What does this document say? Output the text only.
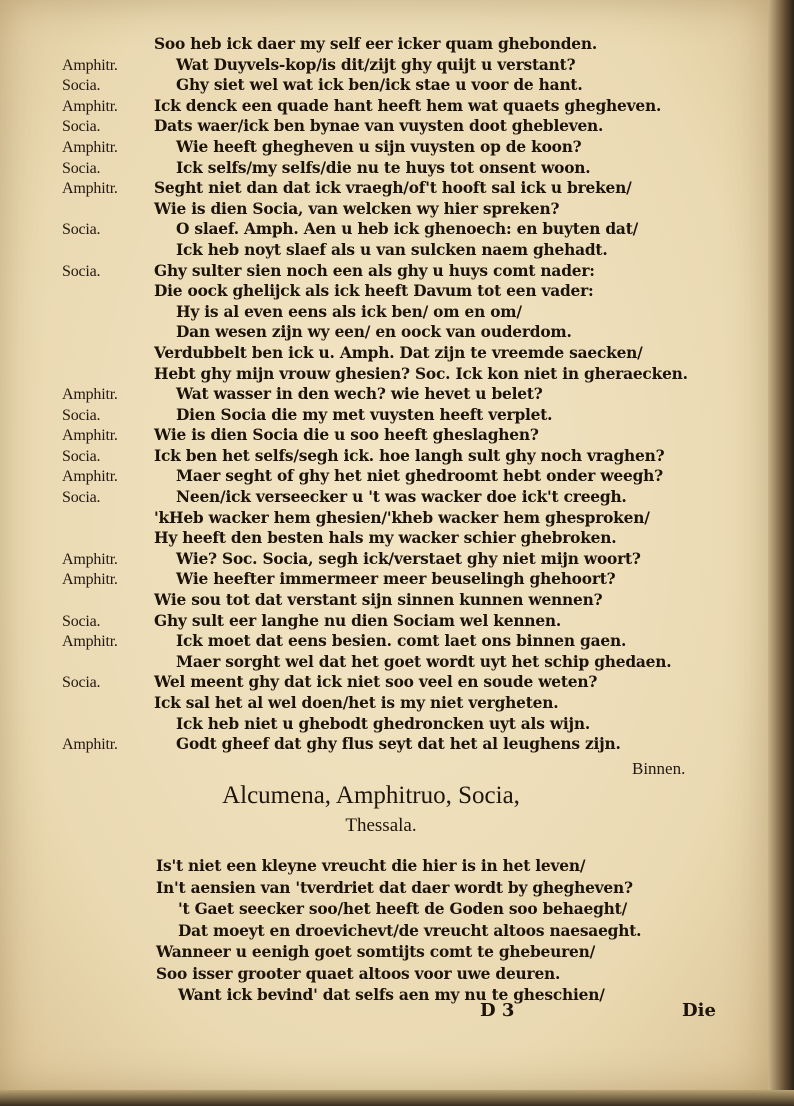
Soo heb ick daer my self eer icker quam ghebonden.
Amphitr.	Wat Duyvels-kop/is dit/zijt ghy quijt u verstant?
Socia.	Ghy siet wel wat ick ben/ick stae u voor de hant.
Amphitr. Ick denck een quade hant heeft hem wat quaets ghegheven.
Socia.	Dats waer/ick ben bynae van vuysten doot ghebleven.
Amphitr.	Wie heeft ghegheven u sijn vuysten op de koon?
Socia.	Ick selfs/my selfs/die nu te huys tot onsent woon.
Amphitr. Seght niet dan dat ick vraegh/of't hooft sal ick u breken/
Wie is dien Socia, van welcken wy hier spreken?
Socia.	O slaef. Amph. Aen u heb ick ghenoech: en buyten dat/
Ick heb noyt slaef als u van sulcken naem ghehadt.
Socia.	Ghy sulter sien noch een als ghy u huys comt nader:
Die oock ghelijck als ick heeft Davum tot een vader:
Hy is al even eens als ick ben/ om en om/
Dan wesen zijn wy een/ en oock van ouderdom.
Verdubbelt ben ick u. Amph. Dat zijn te vreemde saecken/
Hebt ghy mijn vrouw ghesien? Soc. Ick kon niet in gheraecken.
Amphitr.	Wat wasser in den wech? wie hevet u belet?
Socia.	Dien Socia die my met vuysten heeft verplet.
Amphitr. Wie is dien Socia die u soo heeft gheslaghen?
Socia.	Ick ben het selfs/segh ick. hoe langh sult ghy noch vraghen?
Amphitr.	Maer seght of ghy het niet ghedroomt hebt onder weegh?
Socia.	Neen/ick verseecker u 't was wacker doe ick't creegh.
'kHeb wacker hem ghesien/'kheb wacker hem ghesproken/
Hy heeft den besten hals my wacker schier ghebroken.
Amphitr.	Wie? Soc. Socia, segh ick/verstaet ghy niet mijn woort?
Amphitr.	Wie heefter immermeer meer beuselingh ghehoort?
Wie sou tot dat verstant sijn sinnen kunnen wennen?
Socia.	Ghy sult eer langhe nu dien Sociam wel kennen.
Amphitr.	Ick moet dat eens besien. comt laet ons binnen gaen.
Maer sorght wel dat het goet wordt uyt het schip ghedaen.
Socia.	Wel meent ghy dat ick niet soo veel en soude weten?
Ick sal het al wel doen/het is my niet vergheten.
Ick heb niet u ghebodt ghedroncken uyt als wijn.
Amphitr.	Godt gheef dat ghy flus seyt dat het al leughens zijn.
Binnen.
Alcumena, Amphitruo, Socia,
Thessala.
Is't niet een kleyne vreucht die hier is in het leven/
In't aensien van 'tverdriet dat daer wordt by ghegheven?
't Gaet seecker soo/het heeft de Goden soo behaeght/
Dat moeyt en droevichevt/de vreucht altoos naesaeght.
Wanneer u eenigh goet somtijts comt te ghebeuren/
Soo isser grooter quaet altoos voor uwe deuren.
Want ick bevind' dat selfs aen my nu te gheschien/
D 3	Die
